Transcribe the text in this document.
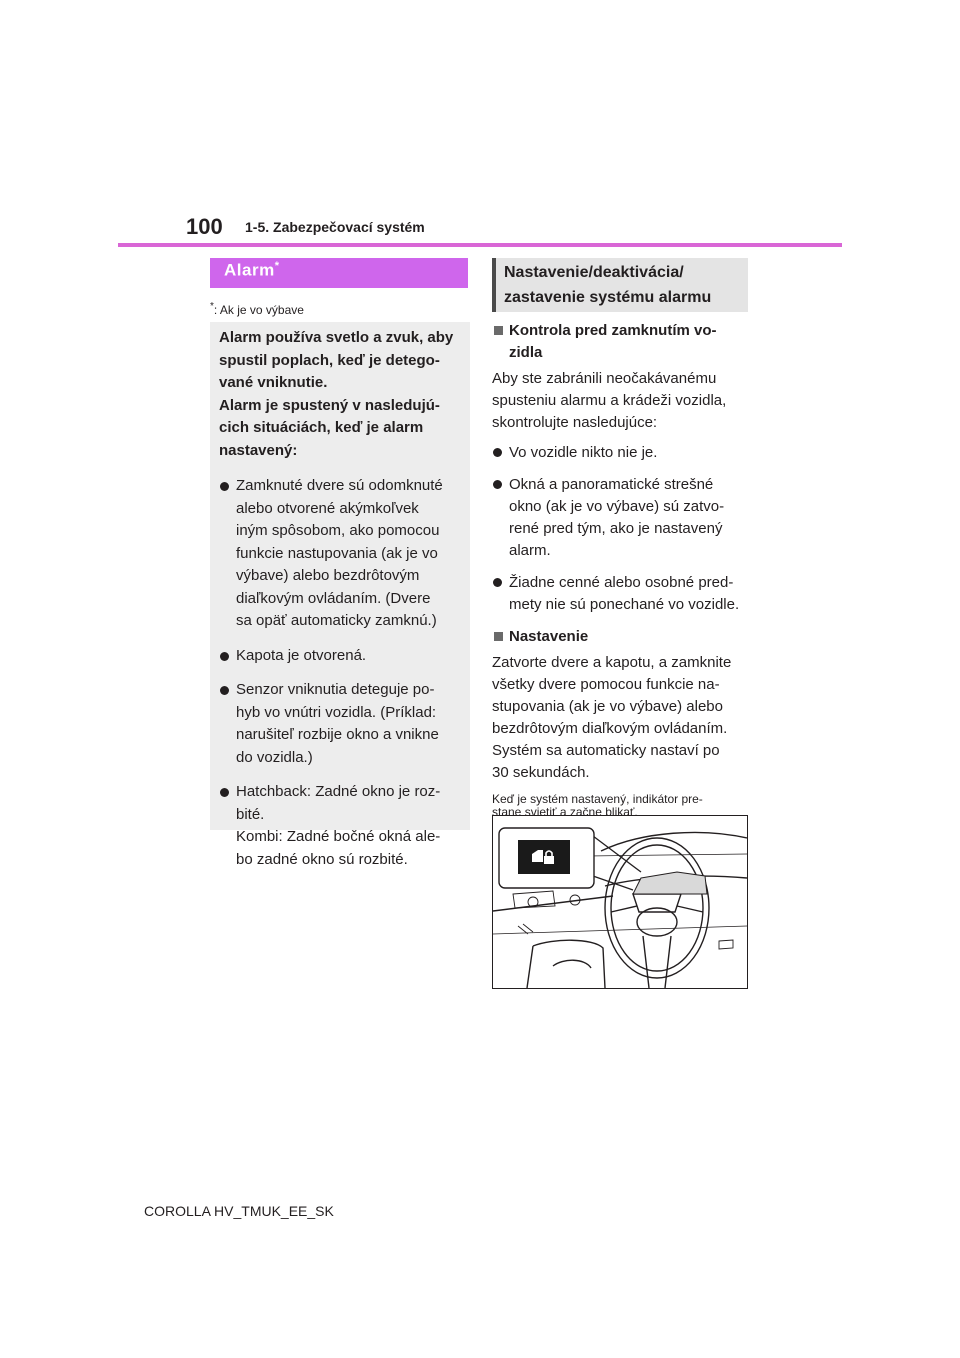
100 1-5. Zabezpečovací systém
Alarm*
*: Ak je vo výbave

Alarm používa svetlo a zvuk, aby
spustil poplach, keď je detego-
vané vniknutie.
Alarm je spustený v nasledujú-
cich situáciách, keď je alarm
nastavený:

Zamknuté dvere sú odomknuté
alebo otvorené akýmkoľvek
iným spôsobom, ako pomocou
funkcie nastupovania (ak je vo
výbave) alebo bezdrôtovým
diaľkovým ovládaním. (Dvere
sa opäť automaticky zamknú.)
Kapota je otvorená.
Senzor vniknutia deteguje po-
hyb vo vnútri vozidla. (Príklad:
narušiteľ rozbije okno a vnikne
do vozidla.)
Hatchback: Zadné okno je roz-
bité.
Kombi: Zadné bočné okná ale-
bo zadné okno sú rozbité.
Nastavenie/deaktivácia/
zastavenie systému alarmu
Kontrola pred zamknutím vo-
zidla
Aby ste zabránili neočakávanému
spusteniu alarmu a krádeži vozidla,
skontrolujte nasledujúce:
Vo vozidle nikto nie je.
Okná a panoramatické strešné
okno (ak je vo výbave) sú zatvo-
rené pred tým, ako je nastavený
alarm.
Žiadne cenné alebo osobné pred-
mety nie sú ponechané vo vozidle.
Nastavenie
Zatvorte dvere a kapotu, a zamknite
všetky dvere pomocou funkcie na-
stupovania (ak je vo výbave) alebo
bezdrôtovým diaľkovým ovládaním.
Systém sa automaticky nastaví po
30 sekundách.
Keď je systém nastavený, indikátor pre-
stane svietiť a začne blikať.
COROLLA HV_TMUK_EE_SK
